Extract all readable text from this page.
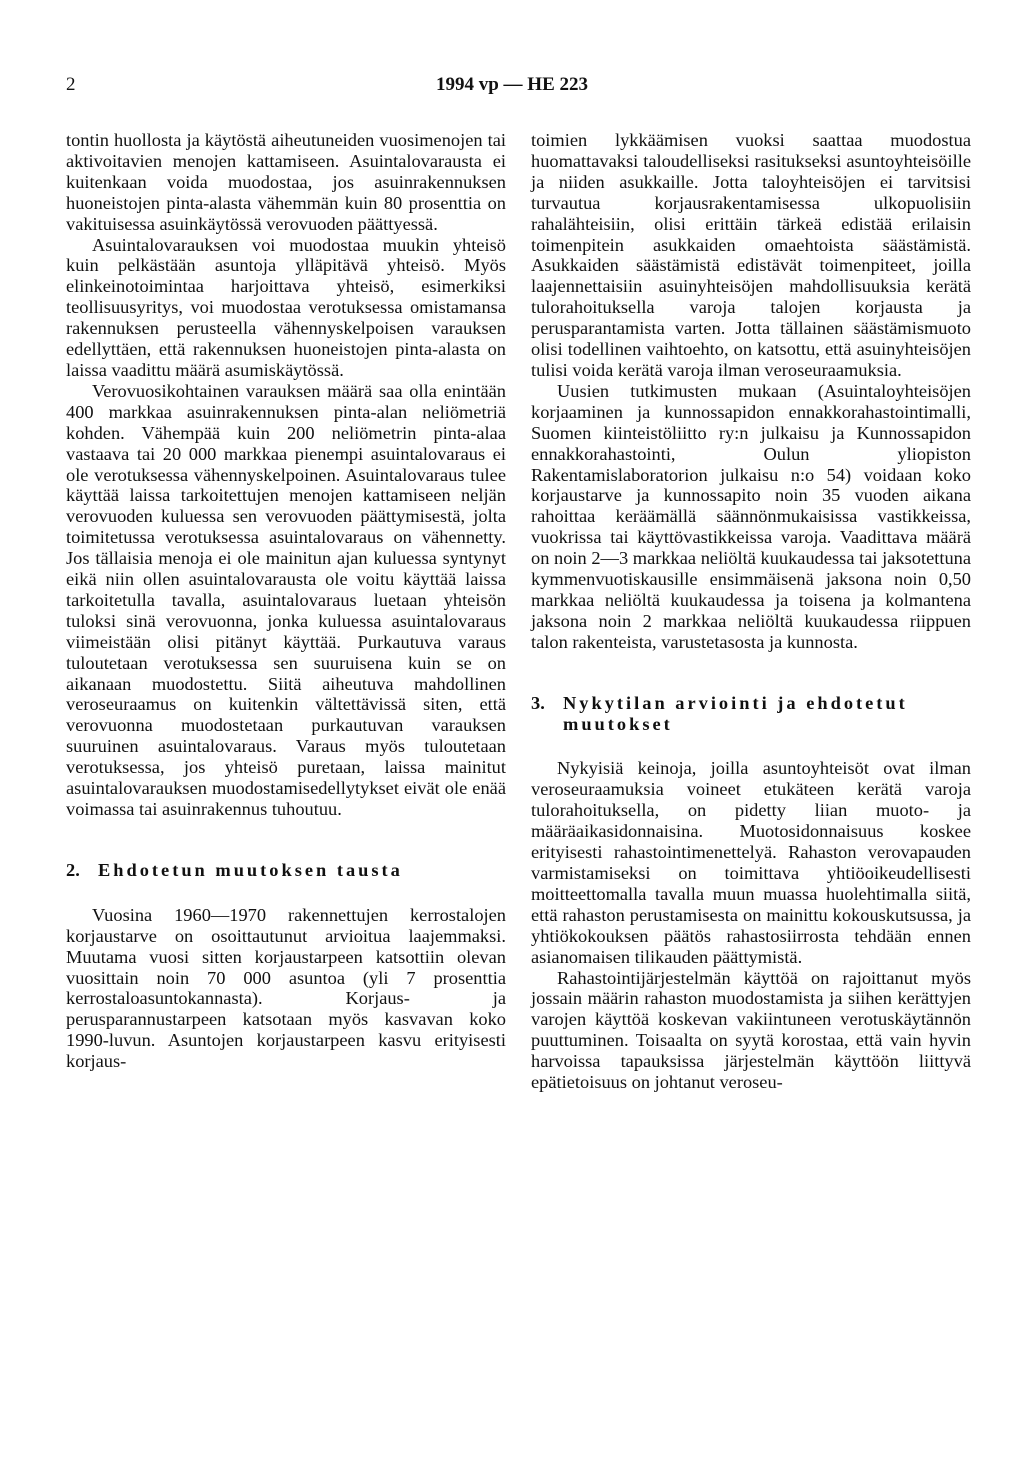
2	1994 vp — HE 223

tontin huollosta ja käytöstä aiheutuneiden vuosimenojen tai aktivoitavien menojen kattamiseen. Asuintalovarausta ei kuitenkaan voida muodostaa, jos asuinrakennuksen huoneistojen pinta-alasta vähemmän kuin 80 prosenttia on vakituisessa asuinkäytössä verovuoden päättyessä.

Asuintalovarauksen voi muodostaa muukin yhteisö kuin pelkästään asuntoja ylläpitävä yhteisö. Myös elinkeinotoimintaa harjoittava yhteisö, esimerkiksi teollisuusyritys, voi muodostaa verotuksessa omistamansa rakennuksen perusteella vähennyskelpoisen varauksen edellyttäen, että rakennuksen huoneistojen pinta-alasta on laissa vaadittu määrä asumiskäytössä.

Verovuosikohtainen varauksen määrä saa olla enintään 400 markkaa asuinrakennuksen pinta-alan neliömetriä kohden. Vähempää kuin 200 neliömetrin pinta-alaa vastaava tai 20 000 markkaa pienempi asuintalovaraus ei ole verotuksessa vähennyskelpoinen. Asuintalovaraus tulee käyttää laissa tarkoitettujen menojen kattamiseen neljän verovuoden kuluessa sen verovuoden päättymisestä, jolta toimitetussa verotuksessa asuintalovaraus on vähennetty. Jos tällaisia menoja ei ole mainitun ajan kuluessa syntynyt eikä niin ollen asuintalovarausta ole voitu käyttää laissa tarkoitetulla tavalla, asuintalovaraus luetaan yhteisön tuloksi sinä verovuonna, jonka kuluessa asuintalovaraus viimeistään olisi pitänyt käyttää. Purkautuva varaus tuloutetaan verotuksessa sen suuruisena kuin se on aikanaan muodostettu. Siitä aiheutuva mahdollinen veroseuraamus on kuitenkin vältettävissä siten, että verovuonna muodostetaan purkautuvan varauksen suuruinen asuintalovaraus. Varaus myös tuloutetaan verotuksessa, jos yhteisö puretaan, laissa mainitut asuintalovarauksen muodostamisedellytykset eivät ole enää voimassa tai asuinrakennus tuhoutuu.

2. Ehdotetun muutoksen tausta

Vuosina 1960—1970 rakennettujen kerrostalojen korjaustarve on osoittautunut arvioitua laajemmaksi. Muutama vuosi sitten korjaustarpeen katsottiin olevan vuosittain noin 70 000 asuntoa (yli 7 prosenttia kerrostaloasuntokannasta). Korjaus- ja perusparannustarpeen katsotaan myös kasvavan koko 1990-luvun. Asuntojen korjaustarpeen kasvu erityisesti korjaus-

toimien lykkäämisen vuoksi saattaa muodostua huomattavaksi taloudelliseksi rasitukseksi asuntoyhteisöille ja niiden asukkaille. Jotta taloyhteisöjen ei tarvitsisi turvautua korjausrakentamisessa ulkopuolisiin rahalähteisiin, olisi erittäin tärkeä edistää erilaisin toimenpitein asukkaiden omaehtoista säästämistä. Asukkaiden säästämistä edistävät toimenpiteet, joilla laajennettaisiin asuinyhteisöjen mahdollisuuksia kerätä tulorahoituksella varoja talojen korjausta ja perusparantamista varten. Jotta tällainen säästämismuoto olisi todellinen vaihtoehto, on katsottu, että asuinyhteisöjen tulisi voida kerätä varoja ilman veroseuraamuksia.

Uusien tutkimusten mukaan (Asuintaloyhteisöjen korjaaminen ja kunnossapidon ennakkorahastointimalli, Suomen kiinteistöliitto ry:n julkaisu ja Kunnossapidon ennakkorahastointi, Oulun yliopiston Rakentamislaboratorion julkaisu n:o 54) voidaan koko korjaustarve ja kunnossapito noin 35 vuoden aikana rahoittaa keräämällä säännönmukaisissa vastikkeissa, vuokrissa tai käyttövastikkeissa varoja. Vaadittava määrä on noin 2—3 markkaa neliöltä kuukaudessa tai jaksotettuna kymmenvuotiskausille ensimmäisenä jaksona noin 0,50 markkaa neliöltä kuukaudessa ja toisena ja kolmantena jaksona noin 2 markkaa neliöltä kuukaudessa riippuen talon rakenteista, varustetasosta ja kunnosta.

3. Nykytilan arviointi ja ehdotetut muutokset

Nykyisiä keinoja, joilla asuntoyhteisöt ovat ilman veroseuraamuksia voineet etukäteen kerätä varoja tulorahoituksella, on pidetty liian muoto- ja määräaikasidonnaisina. Muotosidonnaisuus koskee erityisesti rahastointimenettelyä. Rahaston verovapauden varmistamiseksi on toimittava yhtiöoikeudellisesti moitteettomalla tavalla muun muassa huolehtimalla siitä, että rahaston perustamisesta on mainittu kokouskutsussa, ja yhtiökokouksen päätös rahastosiirrosta tehdään ennen asianomaisen tilikauden päättymistä.

Rahastointijärjestelmän käyttöä on rajoittanut myös jossain määrin rahaston muodostamista ja siihen kerättyjen varojen käyttöä koskevan vakiintuneen verotuskäytännön puuttuminen. Toisaalta on syytä korostaa, että vain hyvin harvoissa tapauksissa järjestelmän käyttöön liittyvä epätietoisuus on johtanut veroseu-
